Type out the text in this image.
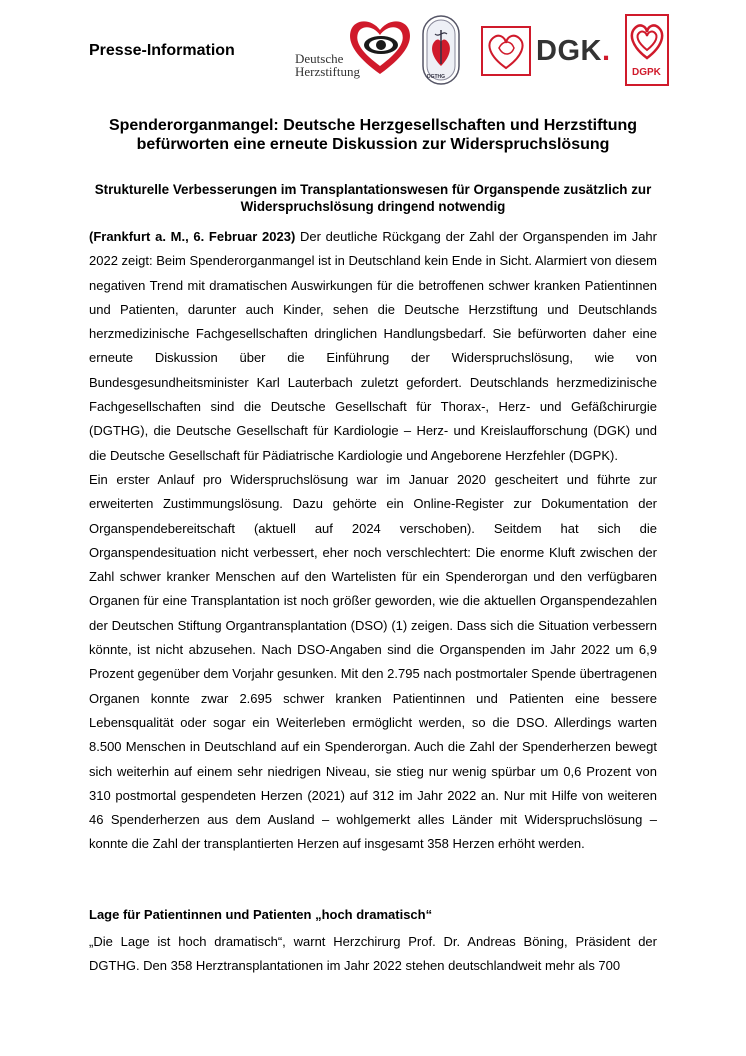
Presse-Information	Deutsche
Herzstiftung	DGTHG
DGK.
DGPK
Spenderorganmangel: Deutsche Herzgesellschaften und Herzstiftung befürworten eine erneute Diskussion zur Widerspruchslösung
Strukturelle Verbesserungen im Transplantationswesen für Organspende zusätzlich zur Widerspruchslösung dringend notwendig

(Frankfurt a. M., 6. Februar 2023) Der deutliche Rückgang der Zahl der Organspenden im Jahr 2022 zeigt: Beim Spenderorganmangel ist in Deutschland kein Ende in Sicht. Alarmiert von diesem negativen Trend mit dramatischen Auswirkungen für die betroffenen schwer kranken Patientinnen und Patienten, darunter auch Kinder, sehen die Deutsche Herzstiftung und Deutschlands herzmedizinische Fachgesellschaften dringlichen Handlungsbedarf. Sie befürworten daher eine erneute Diskussion über die Einführung der Widerspruchslösung, wie von Bundesgesundheitsminister Karl Lauterbach zuletzt gefordert. Deutschlands herzmedizinische Fachgesellschaften sind die Deutsche Gesellschaft für Thorax-, Herz- und Gefäßchirurgie (DGTHG), die Deutsche Gesellschaft für Kardiologie – Herz- und Kreislaufforschung (DGK) und die Deutsche Gesellschaft für Pädiatrische Kardiologie und Angeborene Herzfehler (DGPK).

Ein erster Anlauf pro Widerspruchslösung war im Januar 2020 gescheitert und führte zur erweiterten Zustimmungslösung. Dazu gehörte ein Online-Register zur Dokumentation der Organspendebereitschaft (aktuell auf 2024 verschoben). Seitdem hat sich die Organspendesituation nicht verbessert, eher noch verschlechtert: Die enorme Kluft zwischen der Zahl schwer kranker Menschen auf den Wartelisten für ein Spenderorgan und den verfügbaren Organen für eine Transplantation ist noch größer geworden, wie die aktuellen Organspendezahlen der Deutschen Stiftung Organtransplantation (DSO) (1) zeigen. Dass sich die Situation verbessern könnte, ist nicht abzusehen. Nach DSO-Angaben sind die Organspenden im Jahr 2022 um 6,9 Prozent gegenüber dem Vorjahr gesunken. Mit den 2.795 nach postmortaler Spende übertragenen Organen konnte zwar 2.695 schwer kranken Patientinnen und Patienten eine bessere Lebensqualität oder sogar ein Weiterleben ermöglicht werden, so die DSO. Allerdings warten 8.500 Menschen in Deutschland auf ein Spenderorgan. Auch die Zahl der Spenderherzen bewegt sich weiterhin auf einem sehr niedrigen Niveau, sie stieg nur wenig spürbar um 0,6 Prozent von 310 postmortal gespendeten Herzen (2021) auf 312 im Jahr 2022 an. Nur mit Hilfe von weiteren 46 Spenderherzen aus dem Ausland – wohlgemerkt alles Länder mit Widerspruchslösung – konnte die Zahl der transplantierten Herzen auf insgesamt 358 Herzen erhöht werden.

Lage für Patientinnen und Patienten „hoch dramatisch“

„Die Lage ist hoch dramatisch“, warnt Herzchirurg Prof. Dr. Andreas Böning, Präsident der DGTHG. Den 358 Herztransplantationen im Jahr 2022 stehen deutschlandweit mehr als 700
